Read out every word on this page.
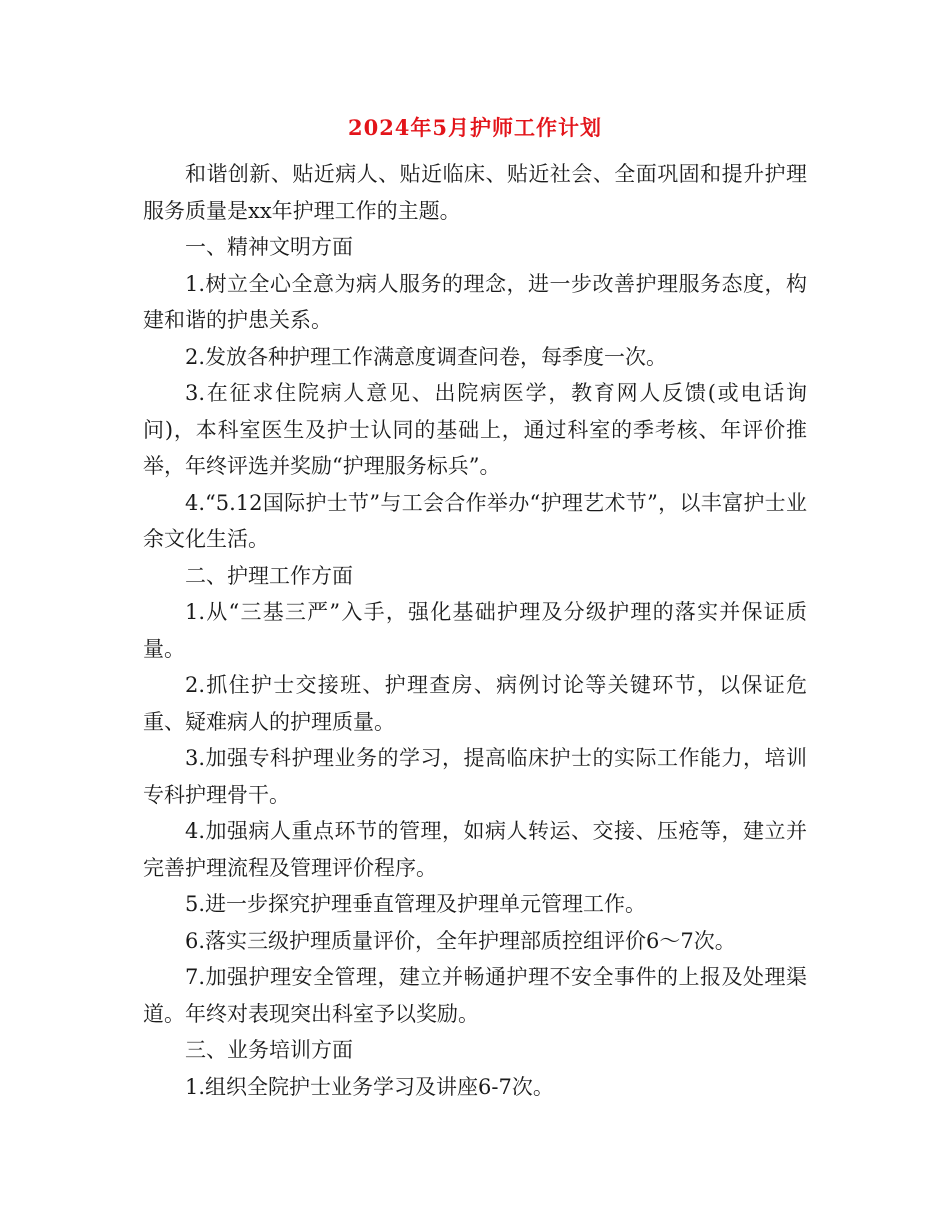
2024年5月护师工作计划

和谐创新、贴近病人、贴近临床、贴近社会、全面巩固和提升护理服务质量是xx年护理工作的主题。

一、精神文明方面

1.树立全心全意为病人服务的理念，进一步改善护理服务态度，构建和谐的护患关系。

2.发放各种护理工作满意度调查问卷，每季度一次。

3.在征求住院病人意见、出院病医学，教育网人反馈(或电话询问)，本科室医生及护士认同的基础上，通过科室的季考核、年评价推举，年终评选并奖励“护理服务标兵”。

4.“5.12国际护士节”与工会合作举办“护理艺术节”，以丰富护士业余文化生活。

二、护理工作方面

1.从“三基三严”入手，强化基础护理及分级护理的落实并保证质量。

2.抓住护士交接班、护理查房、病例讨论等关键环节，以保证危重、疑难病人的护理质量。

3.加强专科护理业务的学习，提高临床护士的实际工作能力，培训专科护理骨干。

4.加强病人重点环节的管理，如病人转运、交接、压疮等，建立并完善护理流程及管理评价程序。

5.进一步探究护理垂直管理及护理单元管理工作。

6.落实三级护理质量评价，全年护理部质控组评价6～7次。

7.加强护理安全管理，建立并畅通护理不安全事件的上报及处理渠道。年终对表现突出科室予以奖励。

三、业务培训方面

1.组织全院护士业务学习及讲座6-7次。
